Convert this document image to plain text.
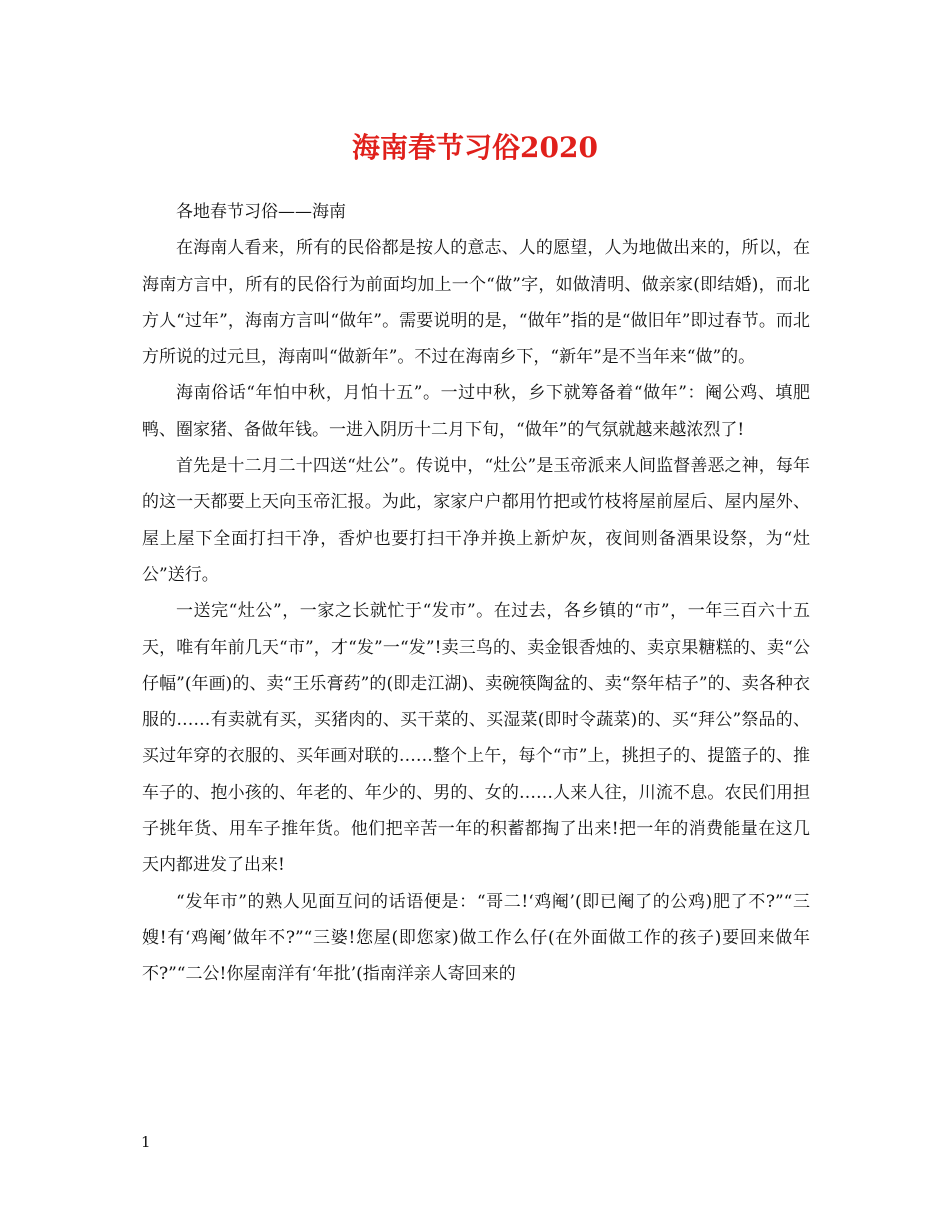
海南春节习俗2020

各地春节习俗——海南

在海南人看来，所有的民俗都是按人的意志、人的愿望，人为地做出来的，所以，在海南方言中，所有的民俗行为前面均加上一个“做”字，如做清明、做亲家(即结婚)，而北方人“过年”，海南方言叫“做年”。需要说明的是，“做年”指的是“做旧年”即过春节。而北方所说的过元旦，海南叫“做新年”。不过在海南乡下，“新年”是不当年来“做”的。

海南俗话“年怕中秋，月怕十五”。一过中秋，乡下就筹备着“做年”：阉公鸡、填肥鸭、圈家猪、备做年钱。一进入阴历十二月下旬，“做年”的气氛就越来越浓烈了!

首先是十二月二十四送“灶公”。传说中，“灶公”是玉帝派来人间监督善恶之神，每年的这一天都要上天向玉帝汇报。为此，家家户户都用竹把或竹枝将屋前屋后、屋内屋外、屋上屋下全面打扫干净，香炉也要打扫干净并换上新炉灰，夜间则备酒果设祭，为“灶公”送行。

一送完“灶公”，一家之长就忙于“发市”。在过去，各乡镇的“市”，一年三百六十五天，唯有年前几天“市”，才“发”一“发”!卖三鸟的、卖金银香烛的、卖京果糖糕的、卖“公仔幅”(年画)的、卖“王乐膏药”的(即走江湖)、卖碗筷陶盆的、卖“祭年桔子”的、卖各种衣服的……有卖就有买，买猪肉的、买干菜的、买湿菜(即时令蔬菜)的、买“拜公”祭品的、买过年穿的衣服的、买年画对联的……整个上午，每个“市”上，挑担子的、提篮子的、推车子的、抱小孩的、年老的、年少的、男的、女的……人来人往，川流不息。农民们用担子挑年货、用车子推年货。他们把辛苦一年的积蓄都掏了出来!把一年的消费能量在这几天内都进发了出来!

“发年市”的熟人见面互问的话语便是：“哥二!‘鸡阉’(即已阉了的公鸡)肥了不?”“三嫂!有‘鸡阉’做年不?”“三婆!您屋(即您家)做工作么仔(在外面做工作的孩子)要回来做年不?”“二公!你屋南洋有‘年批’(指南洋亲人寄回来的

1
